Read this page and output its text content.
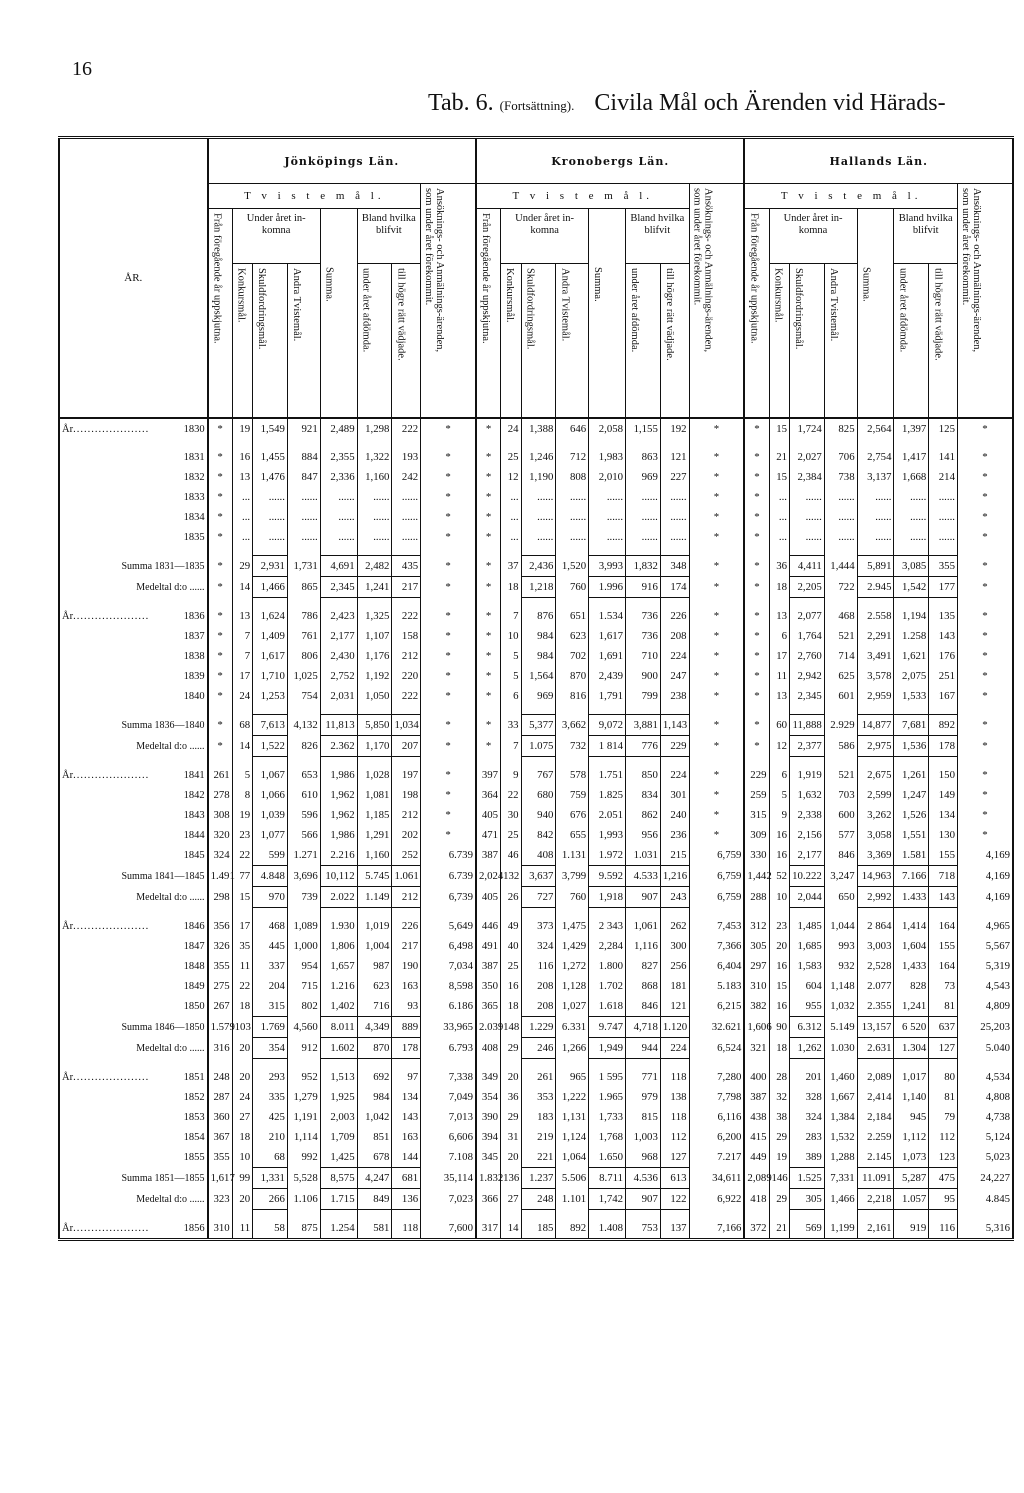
16
Tab. 6. (Fortsättning). Civila Mål och Ärenden vid Härads-
ÅR.	Jönköpings Län.								Kronobergs Län.								Hallands Län.							
	T v i s t e m å l.							Ansöknings- och Anmälnings-ärenden, som under året förekommit.	T v i s t e m å l.							Ansöknings- och Anmälnings-ärenden, som under året förekommit.	T v i s t e m å l.							Ansöknings- och Anmälnings-ärenden, som under året förekommit.

	Från föregående år uppskjutna.	Under året in-komna			Summa.	Bland hvilka blifvit			Från föregående år uppskjutna.	Under året in-komna			Summa.	Bland hvilka blifvit			Från föregående år uppskjutna.	Under året in-komna			Summa.	Bland hvilka blifvit		

		Konkursmål.	Skuldfordringsmål.	Andra Tvistemål.		under året afdömda.	till högre rätt vädjade.			Konkursmål.	Skuldfordringsmål.	Andra Tvistemål.		under året afdömda.	till högre rätt vädjade.			Konkursmål.	Skuldfordringsmål.	Andra Tvistemål.		under året afdömda.	till högre rätt vädjade.	

År..................... 1830	*	19	1,549	921	2,489	1,298	222	*	*	24	1,388	646	2,058	1,155	192	*	*	15	1,724	825	2,564	1,397	125	*

1831	*	16	1,455	884	2,355	1,322	193	*	*	25	1,246	712	1,983	863	121	*	*	21	2,027	706	2,754	1,417	141	*

1832	*	13	1,476	847	2,336	1,160	242	*	*	12	1,190	808	2,010	969	227	*	*	15	2,384	738	3,137	1,668	214	*

1833	*	...	......	......	......	......	......	*	*	...	......	......	......	......	......	*	*	...	......	......	......	......	......	*

1834	*	...	......	......	......	......	......	*	*	...	......	......	......	......	......	*	*	...	......	......	......	......	......	*

1835	*	...	......	......	......	......	......	*	*	...	......	......	......	......	......	*	*	...	......	......	......	......	......	*

Summa 1831—1835	*	29	2,931	1,731	4,691	2,482	435	*	*	37	2,436	1,520	3,993	1,832	348	*	*	36	4,411	1,444	5,891	3,085	355	*
Medeltal d:o ......	*	14	1,466	865	2,345	1,241	217	*	*	18	1,218	760	1.996	916	174	*	*	18	2,205	722	2.945	1,542	177	*

År..................... 1836	*	13	1,624	786	2,423	1,325	222	*	*	7	876	651	1.534	736	226	*	*	13	2,077	468	2.558	1,194	135	*

1837	*	7	1,409	761	2,177	1,107	158	*	*	10	984	623	1,617	736	208	*	*	6	1,764	521	2,291	1.258	143	*

1838	*	7	1,617	806	2,430	1,176	212	*	*	5	984	702	1,691	710	224	*	*	17	2,760	714	3,491	1,621	176	*

1839	*	17	1,710	1,025	2,752	1,192	220	*	*	5	1,564	870	2,439	900	247	*	*	11	2,942	625	3,578	2,075	251	*

1840	*	24	1,253	754	2,031	1,050	222	*	*	6	969	816	1,791	799	238	*	*	13	2,345	601	2,959	1,533	167	*

Summa 1836—1840	*	68	7,613	4,132	11,813	5,850	1,034	*	*	33	5,377	3,662	9,072	3,881	1,143	*	*	60	11,888	2.929	14,877	7,681	892	*
Medeltal d:o ......	*	14	1,522	826	2.362	1,170	207	*	*	7	1.075	732	1 814	776	229	*	*	12	2,377	586	2,975	1,536	178	*

År..................... 1841	261	5	1,067	653	1,986	1,028	197	*	397	9	767	578	1.751	850	224	*	229	6	1,919	521	2,675	1,261	150	*

1842	278	8	1,066	610	1,962	1,081	198	*	364	22	680	759	1.825	834	301	*	259	5	1,632	703	2,599	1,247	149	*

1843	308	19	1,039	596	1,962	1,185	212	*	405	30	940	676	2.051	862	240	*	315	9	2,338	600	3,262	1,526	134	*

1844	320	23	1,077	566	1,986	1,291	202	*	471	25	842	655	1,993	956	236	*	309	16	2,156	577	3,058	1,551	130	*

1845	324	22	599	1.271	2.216	1,160	252	6.739	387	46	408	1.131	1.972	1.031	215	6,759	330	16	2,177	846	3,369	1.581	155	4,169
Summa 1841—1845	1.491	77	4.848	3,696	10,112	5.745	1.061	6.739	2,024	132	3,637	3,799	9.592	4.533	1,216	6,759	1,442	52	10.222	3,247	14,963	7.166	718	4,169
Medeltal d:o ......	298	15	970	739	2.022	1.149	212	6,739	405	26	727	760	1,918	907	243	6,759	288	10	2,044	650	2,992	1.433	143	4,169

År..................... 1846	356	17	468	1,089	1.930	1,019	226	5,649	446	49	373	1,475	2 343	1,061	262	7,453	312	23	1,485	1,044	2 864	1,414	164	4,965

1847	326	35	445	1,000	1,806	1,004	217	6,498	491	40	324	1,429	2,284	1,116	300	7,366	305	20	1,685	993	3,003	1,604	155	5,567

1848	355	11	337	954	1,657	987	190	7,034	387	25	116	1,272	1.800	827	256	6,404	297	16	1,583	932	2,528	1,433	164	5,319

1849	275	22	204	715	1.216	623	163	8,598	350	16	208	1,128	1.702	868	181	5.183	310	15	604	1,148	2.077	828	73	4,543

1850	267	18	315	802	1,402	716	93	6.186	365	18	208	1,027	1.618	846	121	6,215	382	16	955	1,032	2.355	1,241	81	4,809
Summa 1846—1850	1.579	103	1.769	4,560	8.011	4,349	889	33,965	2.039	148	1.229	6.331	9.747	4,718	1.120	32.621	1,606	90	6.312	5.149	13,157	6 520	637	25,203
Medeltal d:o ......	316	20	354	912	1.602	870	178	6.793	408	29	246	1,266	1,949	944	224	6,524	321	18	1,262	1.030	2.631	1.304	127	5.040

År..................... 1851	248	20	293	952	1,513	692	97	7,338	349	20	261	965	1 595	771	118	7,280	400	28	201	1,460	2,089	1,017	80	4,534

1852	287	24	335	1,279	1,925	984	134	7,049	354	36	353	1,222	1.965	979	138	7,798	387	32	328	1,667	2,414	1,140	81	4,808

1853	360	27	425	1,191	2,003	1,042	143	7,013	390	29	183	1,131	1,733	815	118	6,116	438	38	324	1,384	2,184	945	79	4,738

1854	367	18	210	1,114	1,709	851	163	6,606	394	31	219	1,124	1,768	1,003	112	6,200	415	29	283	1,532	2.259	1,112	112	5,124

1855	355	10	68	992	1,425	678	144	7.108	345	20	221	1,064	1.650	968	127	7.217	449	19	389	1,288	2.145	1,073	123	5,023
Summa 1851—1855	1,617	99	1,331	5,528	8,575	4,247	681	35,114	1.832	136	1.237	5.506	8.711	4.536	613	34,611	2,089	146	1.525	7,331	11.091	5,287	475	24,227
Medeltal d:o ......	323	20	266	1.106	1.715	849	136	7,023	366	27	248	1.101	1,742	907	122	6,922	418	29	305	1,466	2,218	1.057	95	4.845

År..................... 1856	310	11	58	875	1.254	581	118	7,600	317	14	185	892	1.408	753	137	7,166	372	21	569	1,199	2,161	919	116	5,316
